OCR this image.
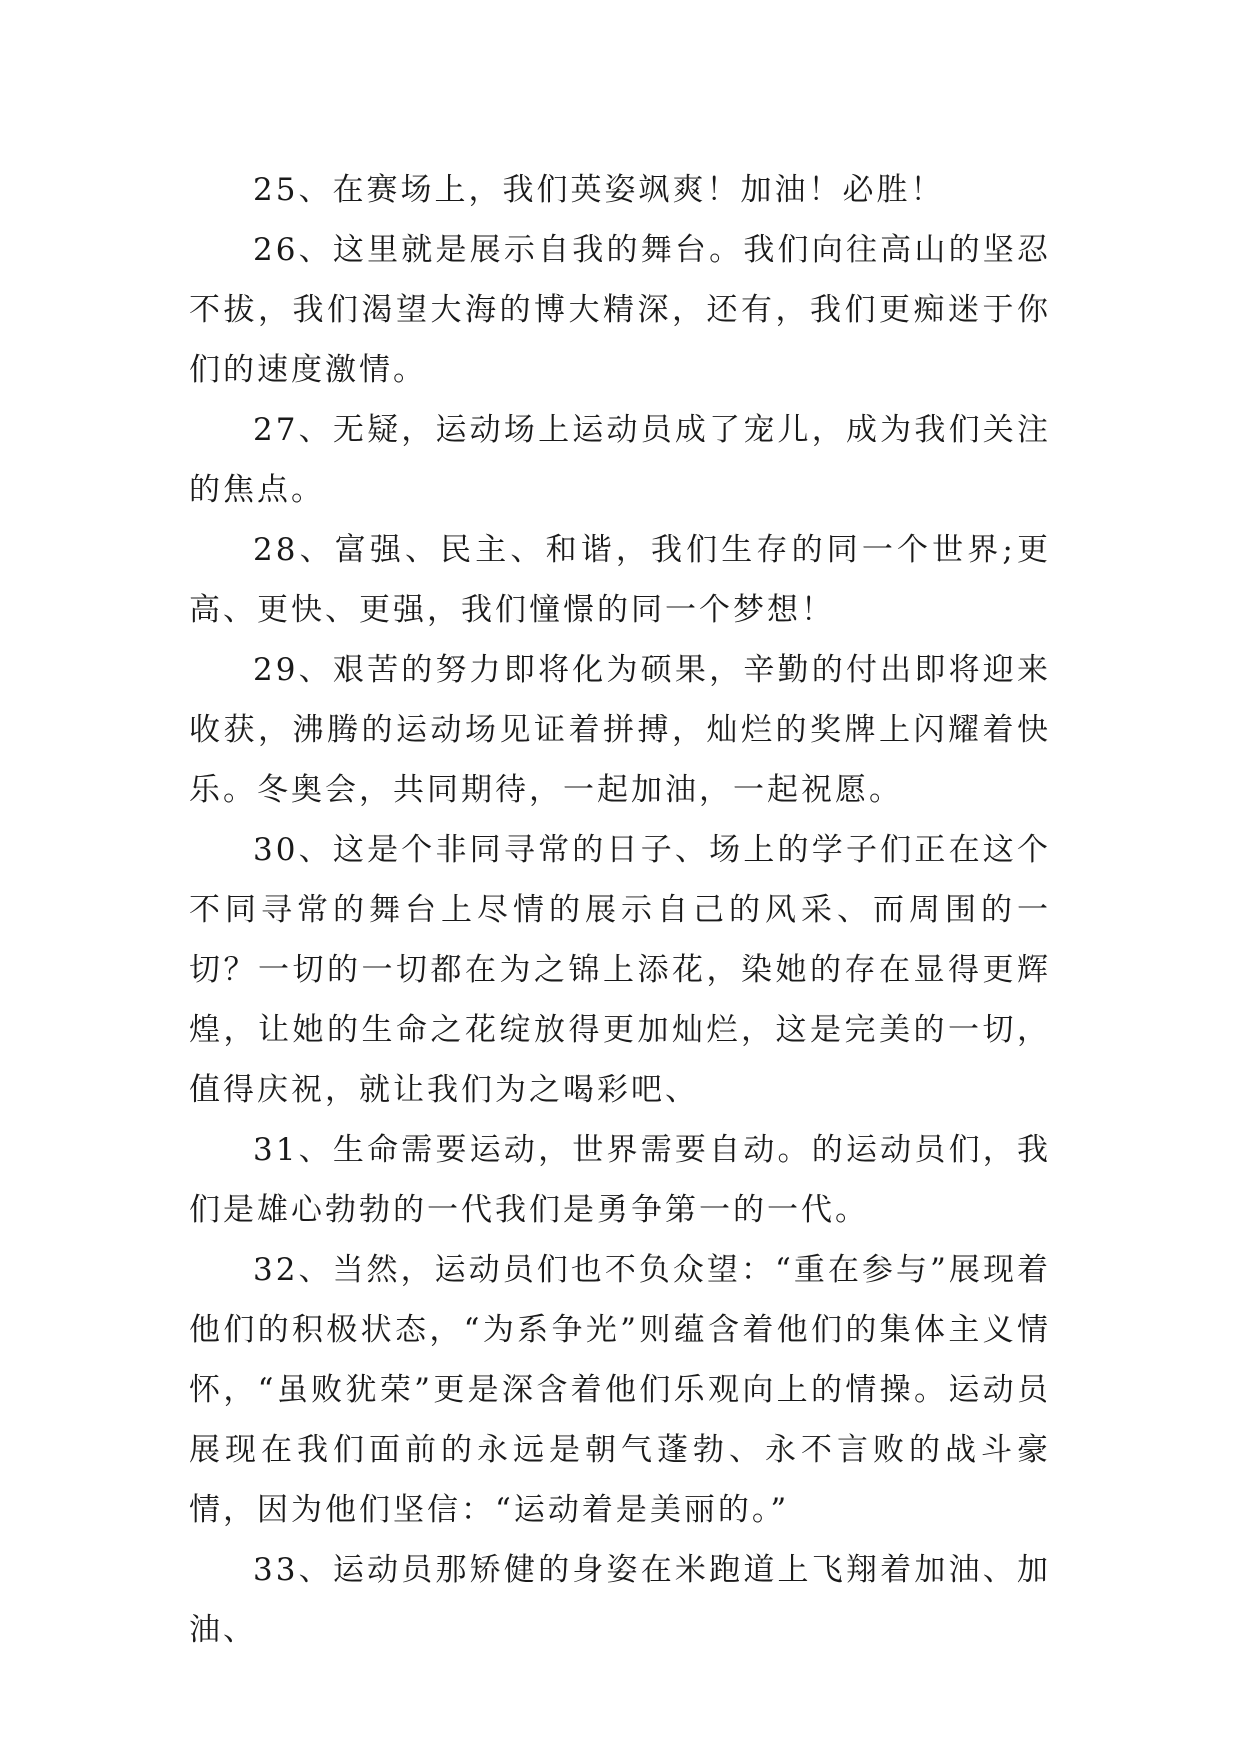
25、在赛场上，我们英姿飒爽！加油！必胜！

26、这里就是展示自我的舞台。我们向往高山的坚忍不拔，我们渴望大海的博大精深，还有，我们更痴迷于你们的速度激情。

27、无疑，运动场上运动员成了宠儿，成为我们关注的焦点。

28、富强、民主、和谐，我们生存的同一个世界;更高、更快、更强，我们憧憬的同一个梦想！

29、艰苦的努力即将化为硕果，辛勤的付出即将迎来收获，沸腾的运动场见证着拼搏，灿烂的奖牌上闪耀着快乐。冬奥会，共同期待，一起加油，一起祝愿。

30、这是个非同寻常的日子、场上的学子们正在这个不同寻常的舞台上尽情的展示自己的风采、而周围的一切？一切的一切都在为之锦上添花，染她的存在显得更辉煌，让她的生命之花绽放得更加灿烂，这是完美的一切，值得庆祝，就让我们为之喝彩吧、

31、生命需要运动，世界需要自动。的运动员们，我们是雄心勃勃的一代我们是勇争第一的一代。

32、当然，运动员们也不负众望：“重在参与”展现着他们的积极状态，“为系争光”则蕴含着他们的集体主义情怀，“虽败犹荣”更是深含着他们乐观向上的情操。运动员展现在我们面前的永远是朝气蓬勃、永不言败的战斗豪情，因为他们坚信：“运动着是美丽的。”

33、运动员那矫健的身姿在米跑道上飞翔着加油、加油、
